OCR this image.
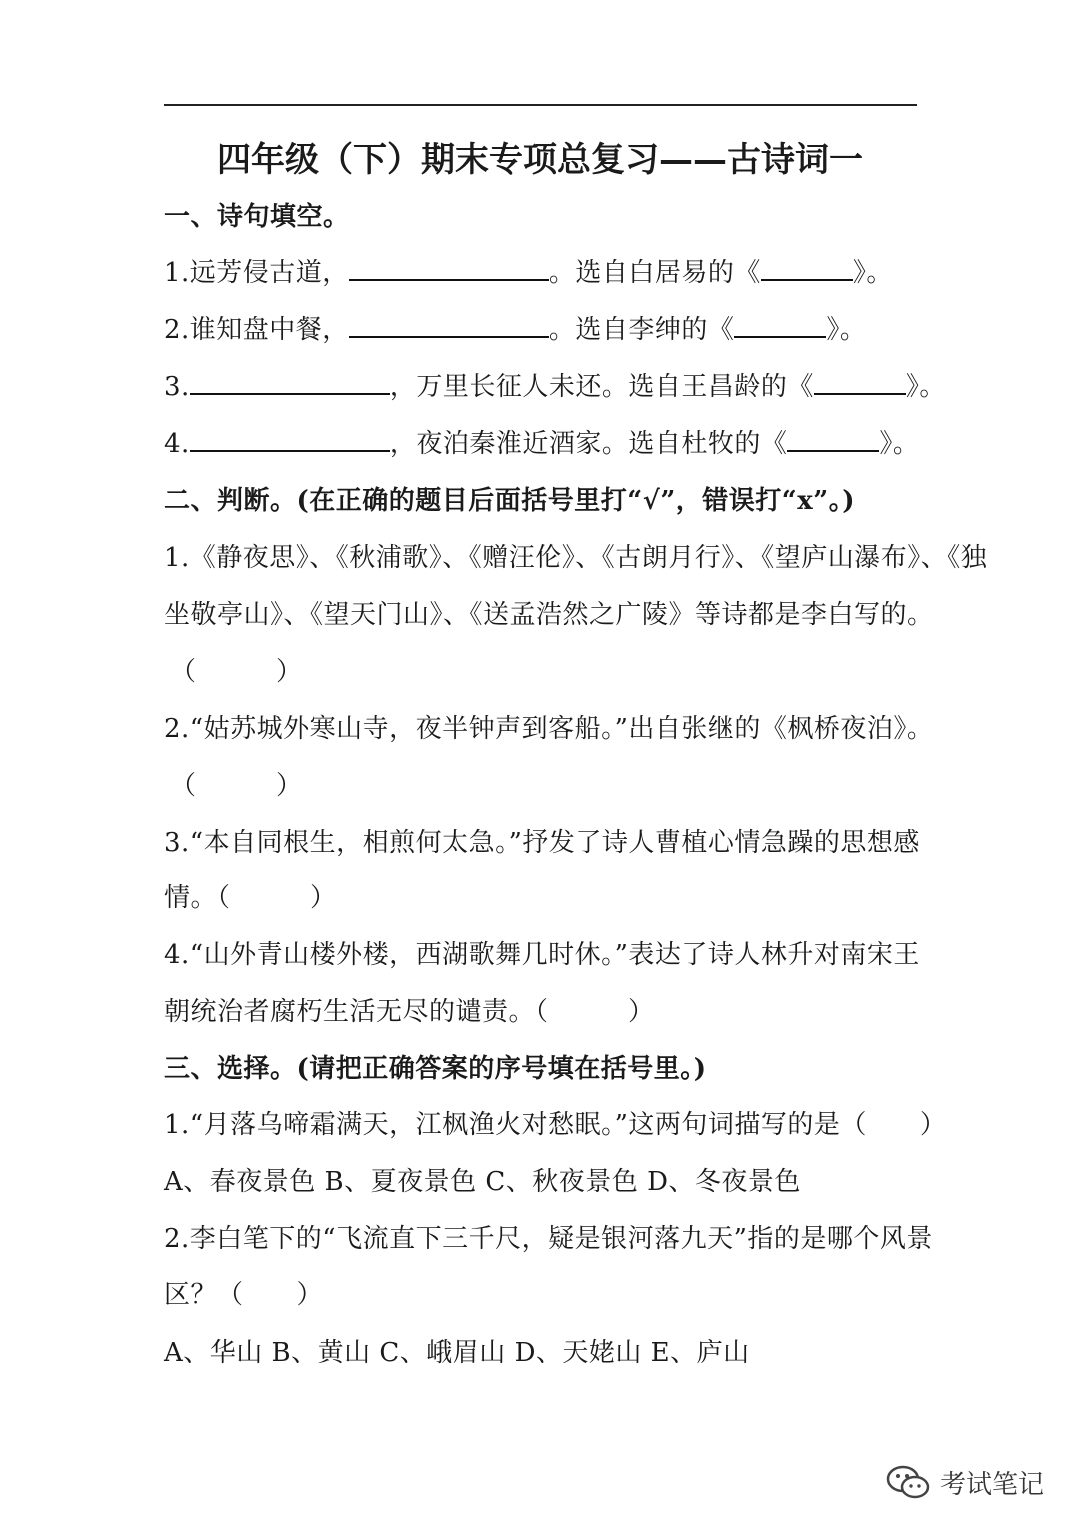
四年级（下）期末专项总复习——古诗词一
一、诗句填空。
1.远芳侵古道，	。选自白居易的《	》。
2.谁知盘中餐，	。选自李绅的《	》。
3.	，万里长征人未还。选自王昌龄的《	》。
4.	，夜泊秦淮近酒家。选自杜牧的《	》。
二、判断。(在正确的题目后面括号里打“√”，错误打“x”。)
1.《静夜思》、《秋浦歌》、《赠汪伦》、《古朗月行》、《望庐山瀑布》、《独
坐敬亭山》、《望天门山》、《送孟浩然之广陵》等诗都是李白写的。
（　　　）
2.“姑苏城外寒山寺，夜半钟声到客船。”出自张继的《枫桥夜泊》。
（　　　）
3.“本自同根生，相煎何太急。”抒发了诗人曹植心情急躁的思想感
情。（　　　）
4.“山外青山楼外楼，西湖歌舞几时休。”表达了诗人林升对南宋王
朝统治者腐朽生活无尽的谴责。（　　　）
三、选择。(请把正确答案的序号填在括号里。)
1.“月落乌啼霜满天，江枫渔火对愁眠。”这两句词描写的是（　　）
A、春夜景色 B、夏夜景色 C、秋夜景色 D、冬夜景色
2.李白笔下的“飞流直下三千尺，疑是银河落九天”指的是哪个风景
区？（　　）
A、华山 B、黄山 C、峨眉山 D、天姥山 E、庐山
考试笔记
